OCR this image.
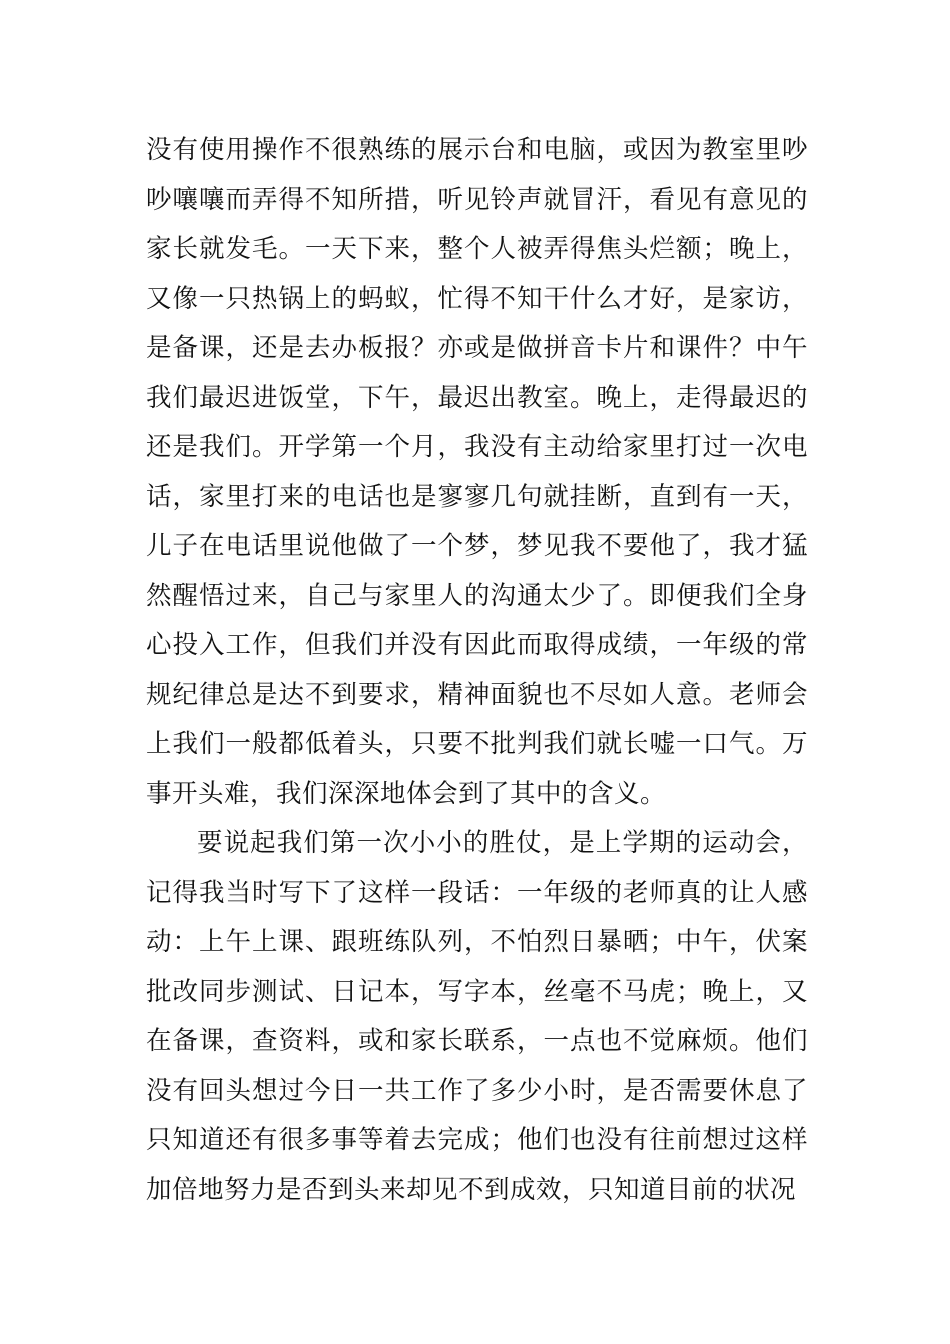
没有使用操作不很熟练的展示台和电脑，或因为教室里吵吵嚷嚷而弄得不知所措，听见铃声就冒汗，看见有意见的家长就发毛。一天下来，整个人被弄得焦头烂额；晚上，又像一只热锅上的蚂蚁，忙得不知干什么才好，是家访，是备课，还是去办板报？亦或是做拼音卡片和课件？中午我们最迟进饭堂，下午，最迟出教室。晚上，走得最迟的还是我们。开学第一个月，我没有主动给家里打过一次电话，家里打来的电话也是寥寥几句就挂断，直到有一天，儿子在电话里说他做了一个梦，梦见我不要他了，我才猛然醒悟过来，自己与家里人的沟通太少了。即便我们全身心投入工作，但我们并没有因此而取得成绩，一年级的常规纪律总是达不到要求，精神面貌也不尽如人意。老师会上我们一般都低着头，只要不批判我们就长嘘一口气。万事开头难，我们深深地体会到了其中的含义。

要说起我们第一次小小的胜仗，是上学期的运动会，记得我当时写下了这样一段话：一年级的老师真的让人感动：上午上课、跟班练队列，不怕烈日暴晒；中午，伏案批改同步测试、日记本，写字本，丝毫不马虎；晚上，又在备课，查资料，或和家长联系，一点也不觉麻烦。他们没有回头想过今日一共工作了多少小时，是否需要休息了只知道还有很多事等着去完成；他们也没有往前想过这样加倍地努力是否到头来却见不到成效，只知道目前的状况
